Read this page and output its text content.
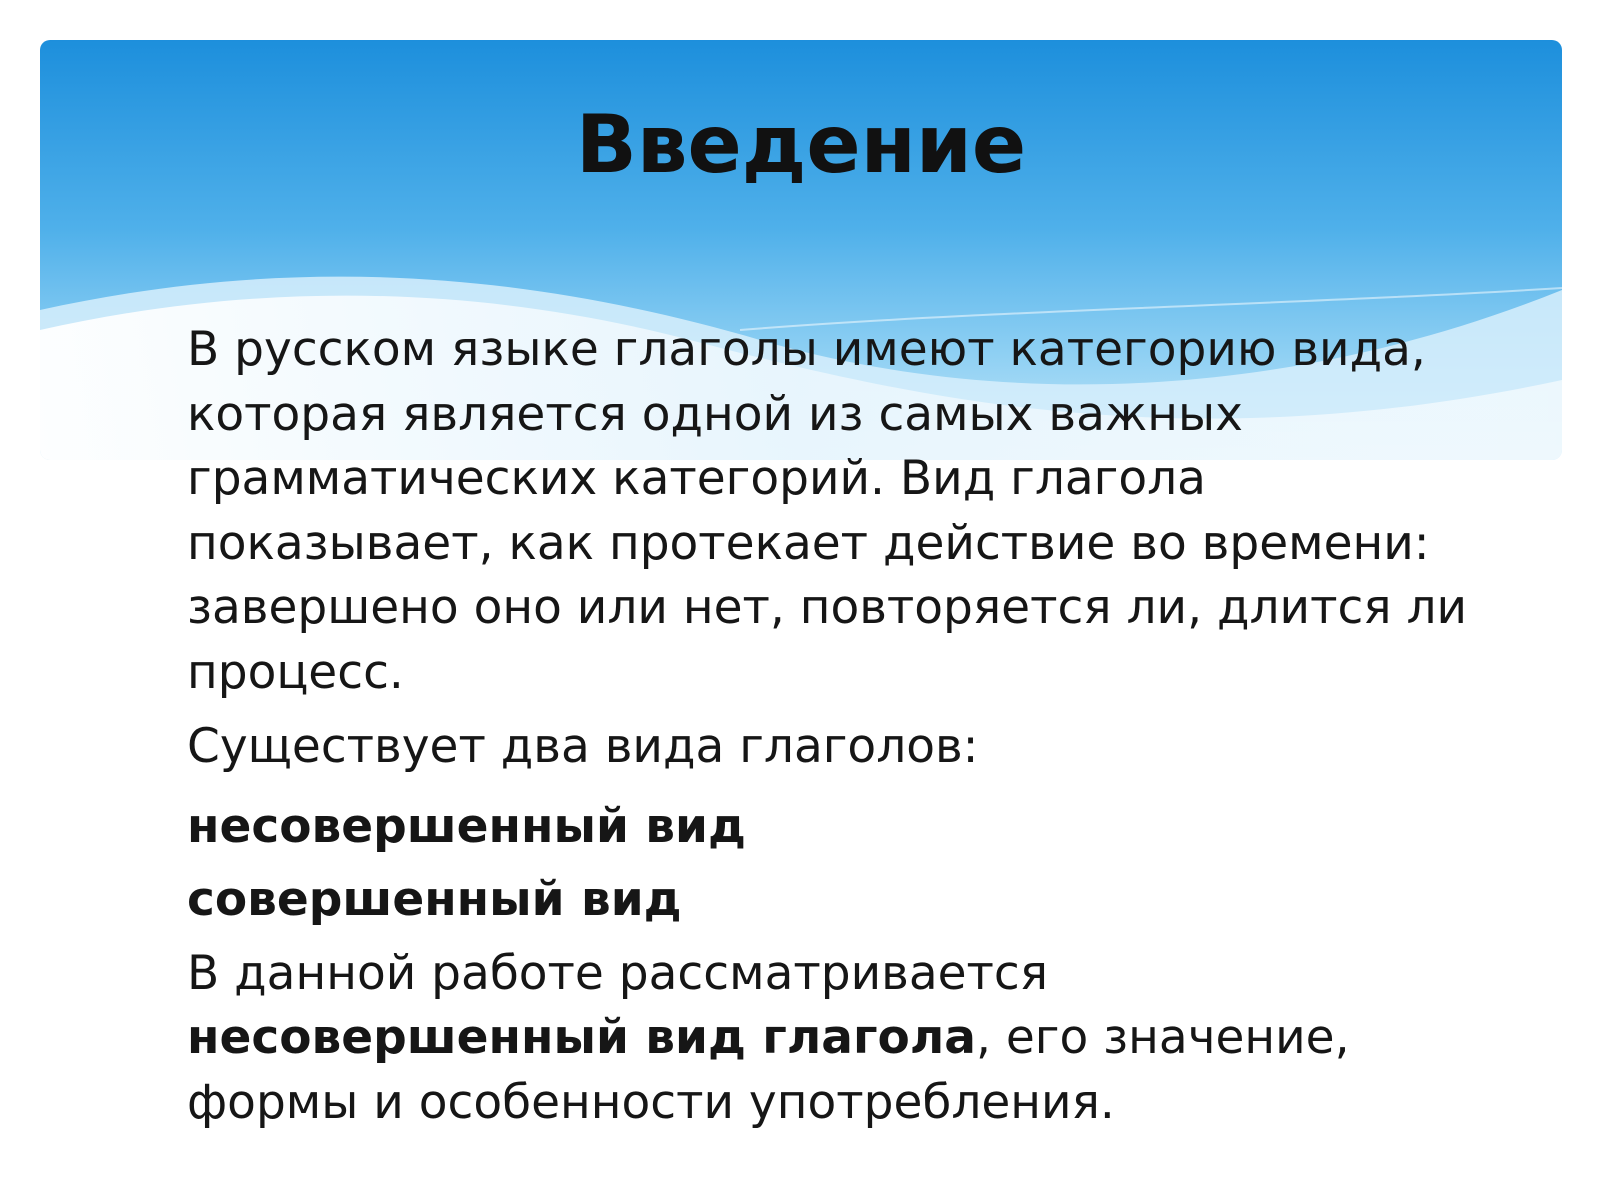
Введение

В русском языке глаголы имеют категорию вида, которая является одной из самых важных грамматических категорий. Вид глагола показывает, как протекает действие во времени: завершено оно или нет, повторяется ли, длится ли процесс.

Существует два вида глаголов:

несовершенный вид

совершенный вид

В данной работе рассматривается несовершенный вид глагола, его значение, формы и особенности употребления.
